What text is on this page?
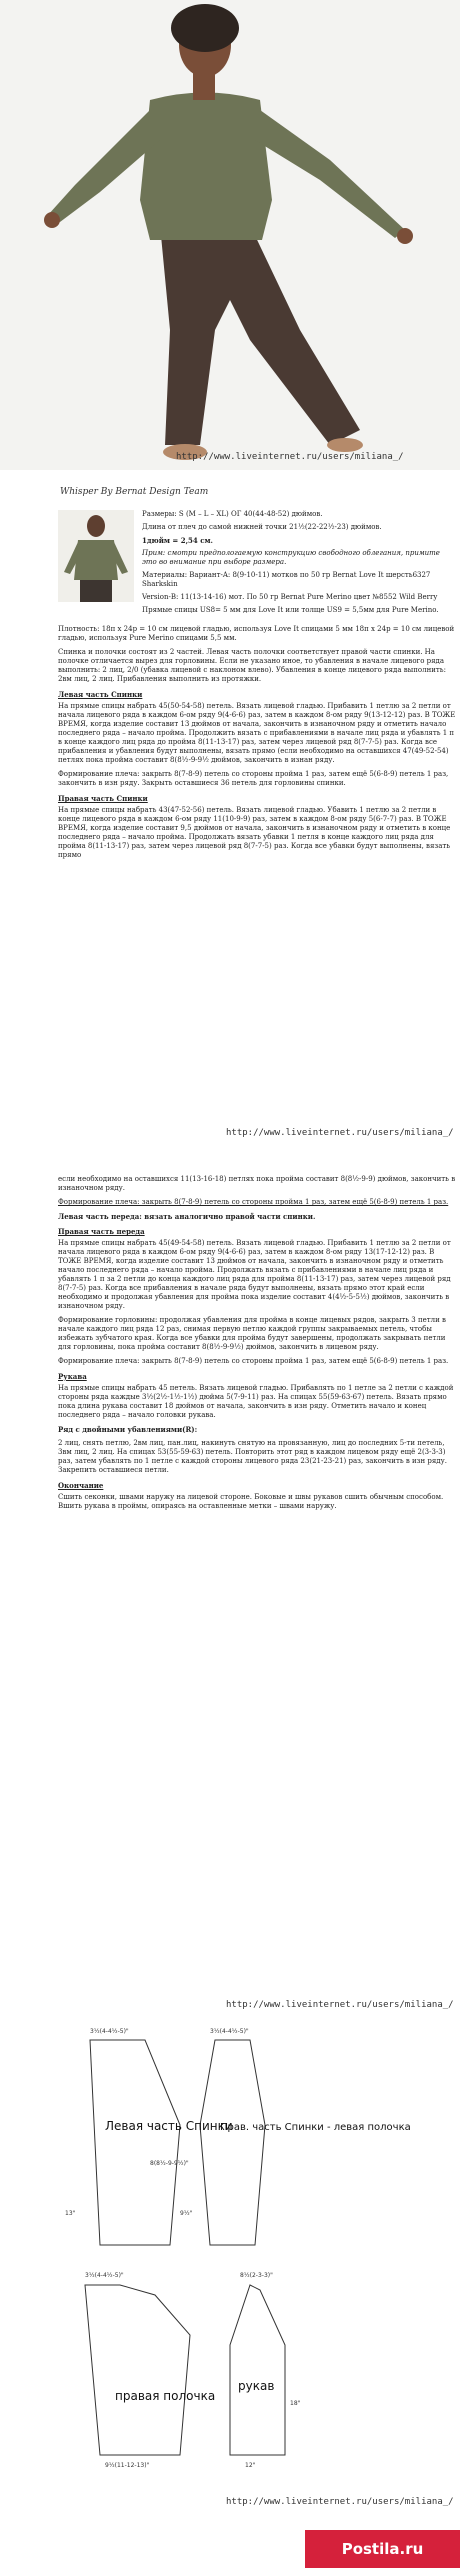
http://www.liveinternet.ru/users/miliana_/
Whisper By Bernat Design Team

Размеры: S (M – L – XL) ОГ 40(44-48-52) дюймов.

Длина от плеч до самой нижней точки 21½(22-22½-23) дюймов.

1дюйм = 2,54 см.

Прим: смотри предпологаемую конструкцию свободного облегания, примите это во внимание при выборе размера.

Материалы: Вариант-A: 8(9-10-11) мотков по 50 гр Bernat Love It шерсть6327 Sharkskin

Version-B: 11(13-14-16) мот. По 50 гр Bernat Pure Merino цвет №8552 Wild Berry

Прямые спицы US8= 5 мм для Love It или толще US9 = 5,5мм для Pure Merino.

Плотность: 18п х 24р = 10 см лицевой гладью, используя Love It спицами 5 мм 18п х 24р = 10 см лицевой гладью, используя Pure Merino спицами 5,5 мм.

Спинка и полочки состоят из 2 частей. Левая часть полочки соответствует правой части спинки. На полочке отличается вырез для горловины. Если не указано иное, то убавления в начале лицевого ряда выполнить: 2 лиц, 2/0 (убавка лицевой с наклоном влево). Убавления в конце лицевого ряда выполнить: 2вм лиц, 2 лиц. Прибавления выполнить из протяжки.

Левая часть Спинки

На прямые спицы набрать 45(50-54-58) петель. Вязать лицевой гладью. Прибавить 1 петлю за 2 петли от начала лицевого ряда в каждом 6-ом ряду 9(4-6-6) раз, затем в каждом 8-ом ряду 9(13-12-12) раз. В ТОЖЕ ВРЕМЯ, когда изделие составит 13 дюймов от начала, закончить в изнаночном ряду и отметить начало последнего ряда – начало пройма. Продолжить вязать с прибавлениями в начале лиц ряда и убавлять 1 п в конце каждого лиц ряда до пройма 8(11-13-17) раз, затем через лицевой ряд 8(7-7-5) раз. Когда все прибавления и убавления будут выполнены, вязать прямо (если необходимо на оставшихся 47(49-52-54) петлях пока пройма составит 8(8½-9-9½ дюймов, закончить в изнан ряду.

Формирование плеча: закрыть 8(7-8-9) петель со стороны пройма 1 раз, затем ещё 5(6-8-9) петель 1 раз, закончить в изн ряду. Закрыть оставшиеся 36 петель для горловины спинки.

Правая часть Спинки

На прямые спицы набрать 43(47-52-56) петель. Вязать лицевой гладью. Убавить 1 петлю за 2 петли в конце лицевого ряда в каждом 6-ом ряду 11(10-9-9) раз, затем в каждом 8-ом ряду 5(6-7-7) раз. В ТОЖЕ ВРЕМЯ, когда изделие составит 9,5 дюймов от начала, закончить в изнаночном ряду и отметить в конце последнего ряда – начало пройма. Продолжать вязать убавки 1 петля в конце каждого лиц ряда для пройма 8(11-13-17) раз, затем через лицевой ряд 8(7-7-5) раз. Когда все убавки будут выполнены, вязать прямо

http://www.liveinternet.ru/users/miliana_/

если необходимо на оставшихся 11(13-16-18) петлях пока пройма составит 8(8½-9-9) дюймов, закончить в изнаночном ряду.

Формирование плеча: закрыть 8(7-8-9) петель со стороны пройма 1 раз, затем ещё 5(6-8-9) петель 1 раз.

Левая часть переда: вязать аналогично правой части спинки.

Правая часть переда

На прямые спицы набрать 45(49-54-58) петель. Вязать лицевой гладью. Прибавить 1 петлю за 2 петли от начала лицевого ряда в каждом 6-ом ряду 9(4-6-6) раз, затем в каждом 8-ом ряду 13(17-12-12) раз. В ТОЖЕ ВРЕМЯ, когда изделие составит 13 дюймов от начала, закончить в изнаночном ряду и отметить начало последнего ряда – начало пройма. Продолжать вязать с прибавлениями в начале лиц ряда и убавлять 1 п за 2 петли до конца каждого лиц ряда для пройма 8(11-13-17) раз, затем через лицевой ряд 8(7-7-5) раз. Когда все прибавления в начале ряда будут выполнены, вязать прямо этот край если необходимо и продолжая убавления для пройма пока изделие составит 4(4½-5-5½) дюймов, закончить в изнаночном ряду.

Формирование горловины: продолжая убавления для пройма в конце лицевых рядов, закрыть 3 петли в начале каждого лиц ряда 12 раз, снимая первую петлю каждой группы закрываемых петель, чтобы избежать зубчатого края. Когда все убавки для пройма будут завершены, продолжать закрывать петли для горловины, пока пройма составит 8(8½-9-9½) дюймов, закончить в лицевом ряду.

Формирование плеча: закрыть 8(7-8-9) петель со стороны пройма 1 раз, затем ещё 5(6-8-9) петель 1 раз.

Рукава

На прямые спицы набрать 45 петель. Вязать лицевой гладью. Прибавлять по 1 петле за 2 петли с каждой стороны ряда каждые 3½(2½-1½-1½) дюйма 5(7-9-11) раз. На спицах 55(59-63-67) петель. Вязать прямо пока длина рукава составит 18 дюймов от начала, закончить в изн ряду. Отметить начало и конец последнего ряда – начало головки рукава.

Ряд с двойными убавлениями(R):

2 лиц, снять петлю, 2вм лиц, пан.лиц, накинуть снятую на провязанную, лиц до последних 5-ти петель, 3вм лиц, 2 лиц. На спицах 53(55-59-63) петель. Повторить этот ряд в каждом лицевом ряду ещё 2(3-3-3) раз, затем убавлять по 1 петле с каждой стороны лицевого ряда 23(21-23-21) раз, закончить в изн ряду. Закрепить оставшиеся петли.

Окончание

Сшить секонки, швами наружу на лицевой стороне. Боковые и швы рукавов сшить обычным способом. Вшить рукава в проймы, опираясь на оставленные метки – швами наружу.

http://www.liveinternet.ru/users/miliana_/
Левая часть Спинки
Прав. часть Спинки - левая полочка
правая полочка
рукав
3½(4-4½-5)"
8(8½-9-9½)"
13"	9½"
3½(4-4½-5)"
3½(4-4½-5)"
9½(11-12-13)"
8½(2-3-3)"
18"
12"
http://www.liveinternet.ru/users/miliana_/
Postila.ru
